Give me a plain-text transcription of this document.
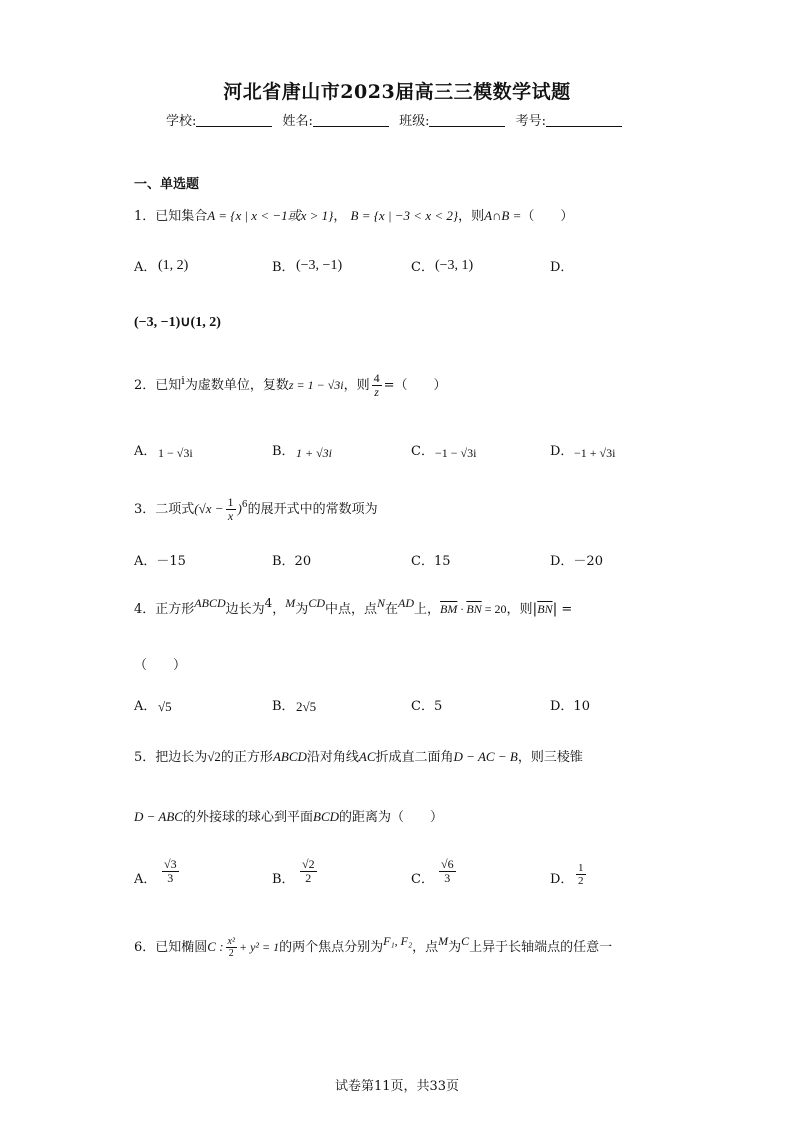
河北省唐山市2023届高三三模数学试题
学校:	姓名:	班级:	考号:
一、单选题
1．已知集合A = {x | x < −1或x > 1}， B = {x | −3 < x < 2}，则A∩B =（　　）
A． (1, 2)	B． (−3, −1)	C． (−3, 1)	D．
(−3, −1)∪(1, 2)
2．已知$^i$为虚数单位，复数z = 1 − √3i，则 $\frac{4}{z}$ =（　　）
A． 1 − √3i	B． 1 + √3i	C． −1 − √3i	D． −1 + √3i
3．二项式$(√x - \frac{1}{x} )^6$的展开式中的常数项为
A．－15	B．20	C．15	D．－20
4．正方形ABCD边长为4，M为CD中点，点N在AD上，$\overline{BM} \cdot \overline{BN} = 20$，则$|\overline{BN}|$ =
（　　）
A． √5	B． 2√5	C．5	D．10
5．把边长为√2的正方形ABCD沿对角线AC折成直二面角D − AC − B，则三棱锥
D − ABC的外接球的球心到平面BCD的距离为（　　）
A． $\frac{√3}{3}$	B． $\frac{√2}{2}$	C． $\frac{√6}{3}$	D． $\frac{1}{2}$
6．已知椭圆C : $\frac{\text{x²}}{2} + y^2 = 1$的两个焦点分别为F₁, F₂，点M为C上异于长轴端点的任意一
试卷第11页，共33页
